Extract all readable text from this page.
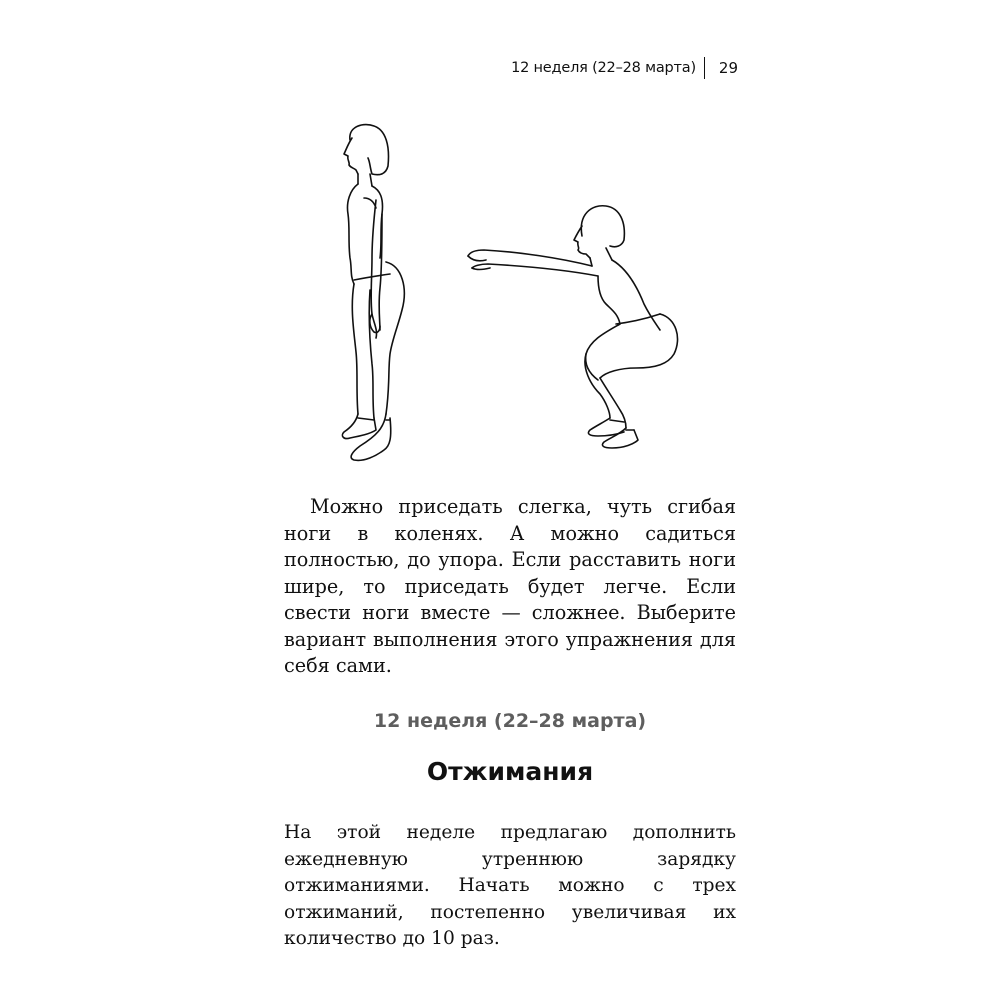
12 неделя (22–28 марта)	29

Можно приседать слегка, чуть сгибая ноги в коленях. А можно садиться полностью, до упора. Если расставить ноги шире, то приседать будет легче. Если свести ноги вместе — сложнее. Выберите вариант выполнения этого упражнения для себя сами.

12 неделя (22–28 марта)
Отжимания

На этой неделе предлагаю дополнить ежедневную утреннюю зарядку отжиманиями. Начать можно с трех отжиманий, постепенно увеличивая их количество до 10 раз.
